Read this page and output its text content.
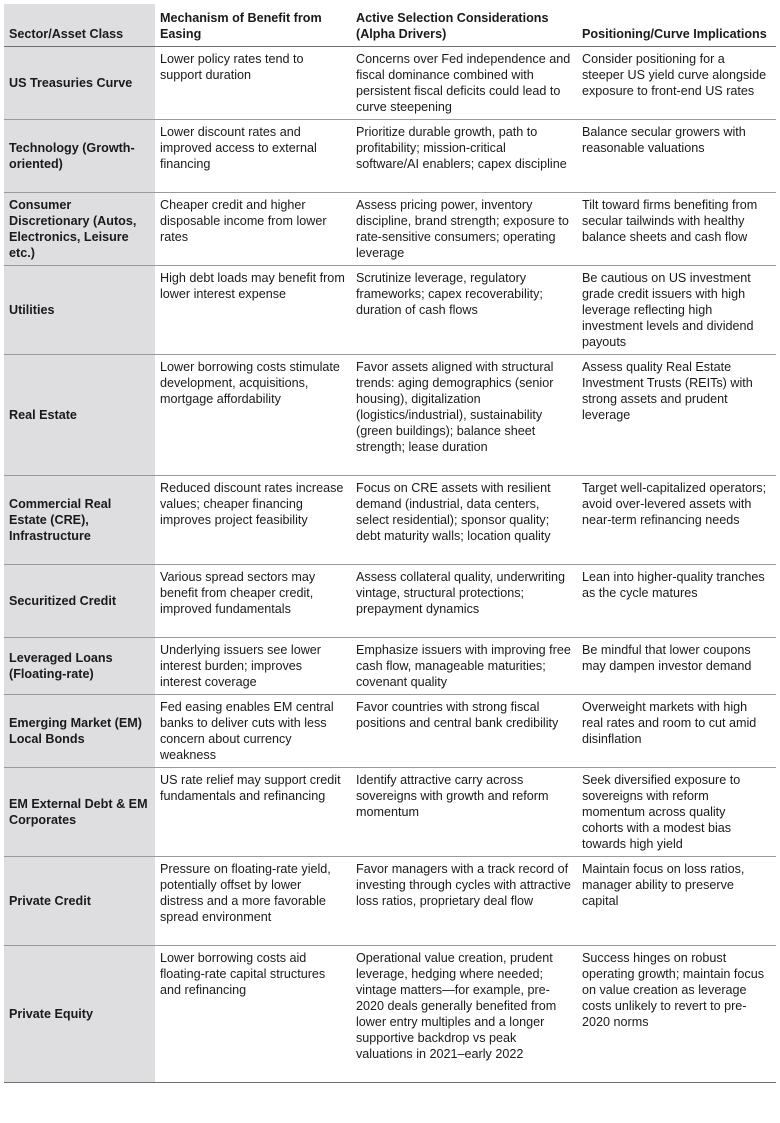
Sector/Asset Class	Mechanism of Benefit from Easing	Active Selection Considerations (Alpha Drivers)	Positioning/Curve Implications
US Treasuries Curve	Lower policy rates tend to support duration	Concerns over Fed independence and fiscal dominance combined with persistent fiscal deficits could lead to curve steepening	Consider positioning for a steeper US yield curve alongside exposure to front-end US rates
Technology (Growth-oriented)	Lower discount rates and improved access to external financing	Prioritize durable growth, path to profitability; mission-critical software/AI enablers; capex discipline	Balance secular growers with reasonable valuations
Consumer Discretionary (Autos, Electronics, Leisure etc.)	Cheaper credit and higher disposable income from lower rates	Assess pricing power, inventory discipline, brand strength; exposure to rate-sensitive consumers; operating leverage	Tilt toward firms benefiting from secular tailwinds with healthy balance sheets and cash flow
Utilities	High debt loads may benefit from lower interest expense	Scrutinize leverage, regulatory frameworks; capex recoverability; duration of cash flows	Be cautious on US investment grade credit issuers with high leverage reflecting high investment levels and dividend payouts
Real Estate	Lower borrowing costs stimulate development, acquisitions, mortgage affordability	Favor assets aligned with structural trends: aging demographics (senior housing), digitalization (logistics/industrial), sustainability (green buildings); balance sheet strength; lease duration	Assess quality Real Estate Investment Trusts (REITs) with strong assets and prudent leverage
Commercial Real Estate (CRE), Infrastructure	Reduced discount rates increase values; cheaper financing improves project feasibility	Focus on CRE assets with resilient demand (industrial, data centers, select residential); sponsor quality; debt maturity walls; location quality	Target well-capitalized operators; avoid over-levered assets with near-term refinancing needs
Securitized Credit	Various spread sectors may benefit from cheaper credit, improved fundamentals	Assess collateral quality, underwriting vintage, structural protections; prepayment dynamics	Lean into higher-quality tranches as the cycle matures
Leveraged Loans (Floating-rate)	Underlying issuers see lower interest burden; improves interest coverage	Emphasize issuers with improving free cash flow, manageable maturities; covenant quality	Be mindful that lower coupons may dampen investor demand
Emerging Market (EM) Local Bonds	Fed easing enables EM central banks to deliver cuts with less concern about currency weakness	Favor countries with strong fiscal positions and central bank credibility	Overweight markets with high real rates and room to cut amid disinflation
EM External Debt & EM Corporates	US rate relief may support credit fundamentals and refinancing	Identify attractive carry across sovereigns with growth and reform momentum	Seek diversified exposure to sovereigns with reform momentum across quality cohorts with a modest bias towards high yield
Private Credit	Pressure on floating-rate yield, potentially offset by lower distress and a more favorable spread environment	Favor managers with a track record of investing through cycles with attractive loss ratios, proprietary deal flow	Maintain focus on loss ratios, manager ability to preserve capital
Private Equity	Lower borrowing costs aid floating-rate capital structures and refinancing	Operational value creation, prudent leverage, hedging where needed; vintage matters—for example, pre-2020 deals generally benefited from lower entry multiples and a longer supportive backdrop vs peak valuations in 2021–early 2022	Success hinges on robust operating growth; maintain focus on value creation as leverage costs unlikely to revert to pre-2020 norms
